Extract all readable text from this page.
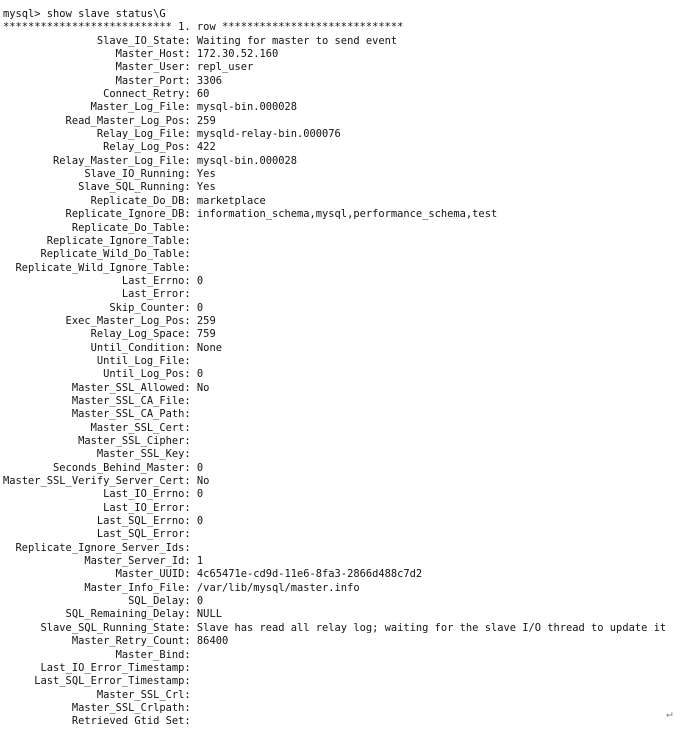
mysql> show slave status\G
*************************** 1. row *****************************
Slave_IO_State: Waiting for master to send event
Master_Host: 172.30.52.160
Master_User: repl_user
Master_Port: 3306
Connect_Retry: 60
Master_Log_File: mysql-bin.000028
Read_Master_Log_Pos: 259
Relay_Log_File: mysqld-relay-bin.000076
Relay_Log_Pos: 422
Relay_Master_Log_File: mysql-bin.000028
Slave_IO_Running: Yes
Slave_SQL_Running: Yes
Replicate_Do_DB: marketplace
Replicate_Ignore_DB: information_schema,mysql,performance_schema,test
Replicate_Do_Table:
Replicate_Ignore_Table:
Replicate_Wild_Do_Table:
Replicate_Wild_Ignore_Table:
Last_Errno: 0
Last_Error:
Skip_Counter: 0
Exec_Master_Log_Pos: 259
Relay_Log_Space: 759
Until_Condition: None
Until_Log_File:
Until_Log_Pos: 0
Master_SSL_Allowed: No
Master_SSL_CA_File:
Master_SSL_CA_Path:
Master_SSL_Cert:
Master_SSL_Cipher:
Master_SSL_Key:
Seconds_Behind_Master: 0
Master_SSL_Verify_Server_Cert: No
Last_IO_Errno: 0
Last_IO_Error:
Last_SQL_Errno: 0
Last_SQL_Error:
Replicate_Ignore_Server_Ids:
Master_Server_Id: 1
Master_UUID: 4c65471e-cd9d-11e6-8fa3-2866d488c7d2
Master_Info_File: /var/lib/mysql/master.info
SQL_Delay: 0
SQL_Remaining_Delay: NULL
Slave_SQL_Running_State: Slave has read all relay log; waiting for the slave I/O thread to update it
Master_Retry_Count: 86400
Master_Bind:
Last_IO_Error_Timestamp:
Last_SQL_Error_Timestamp:
Master_SSL_Crl:
Master_SSL_Crlpath:
Retrieved Gtid Set:
↵
